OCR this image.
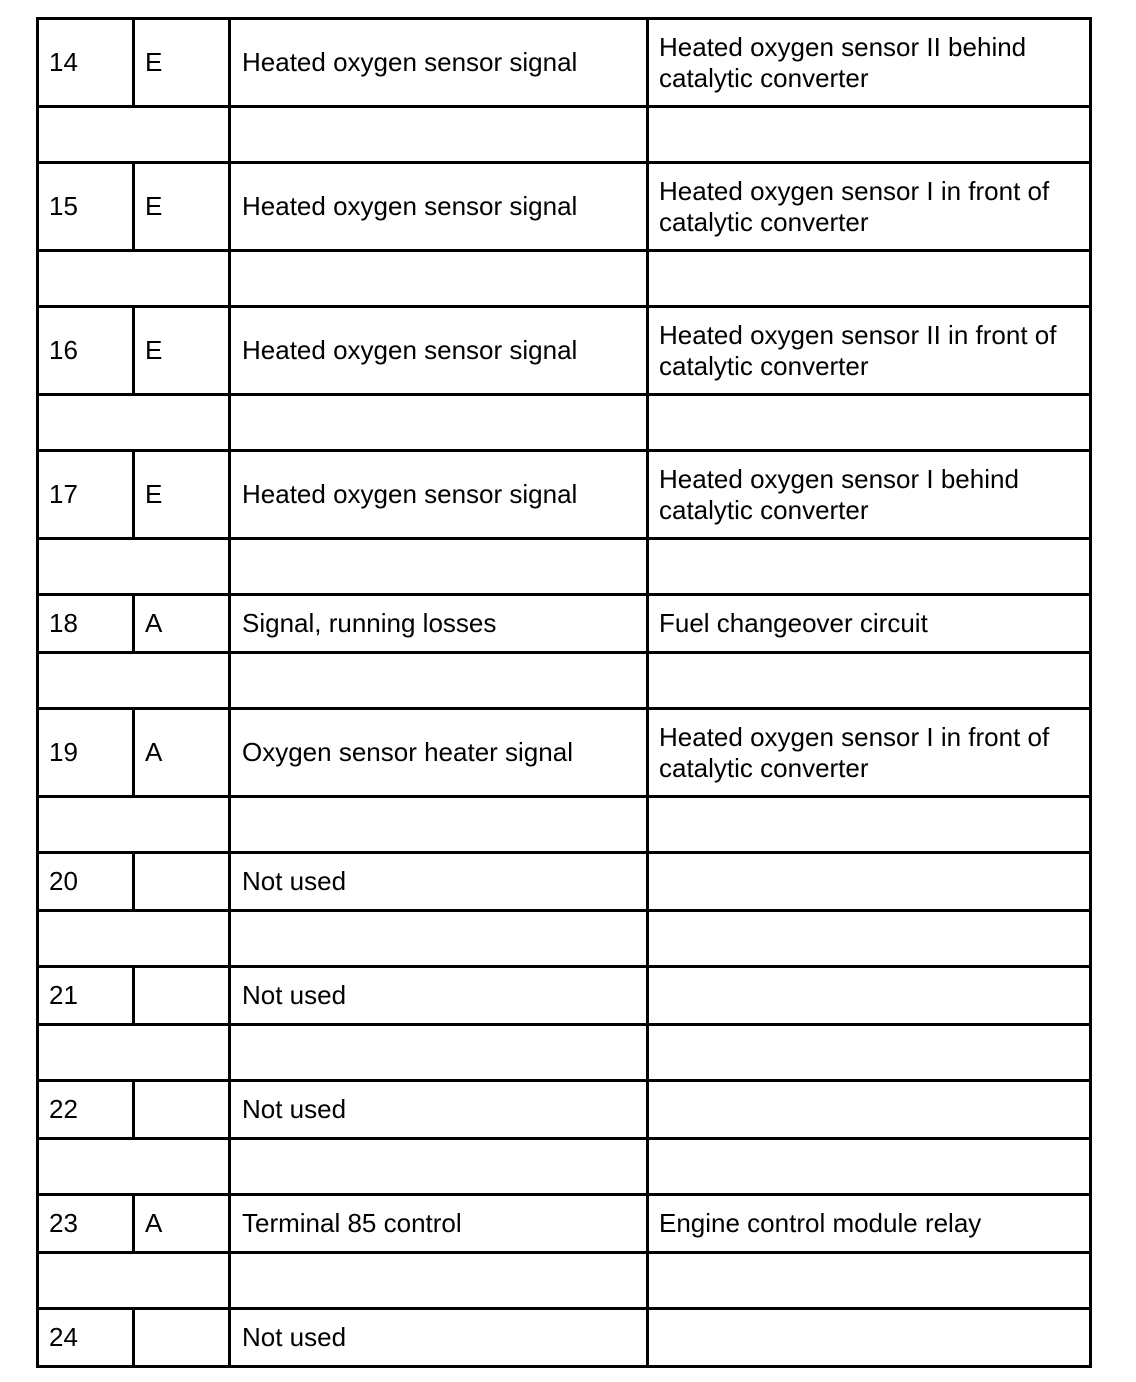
14	E	Heated oxygen sensor signal	Heated oxygen sensor II behind catalytic converter

15	E	Heated oxygen sensor signal	Heated oxygen sensor I in front of catalytic converter

16	E	Heated oxygen sensor signal	Heated oxygen sensor II in front of catalytic converter

17	E	Heated oxygen sensor signal	Heated oxygen sensor I behind catalytic converter

18	A	Signal, running losses	Fuel changeover circuit

19	A	Oxygen sensor heater signal	Heated oxygen sensor I in front of catalytic converter

20		Not used	

21		Not used	

22		Not used	

23	A	Terminal 85 control	Engine control module relay

24		Not used	
